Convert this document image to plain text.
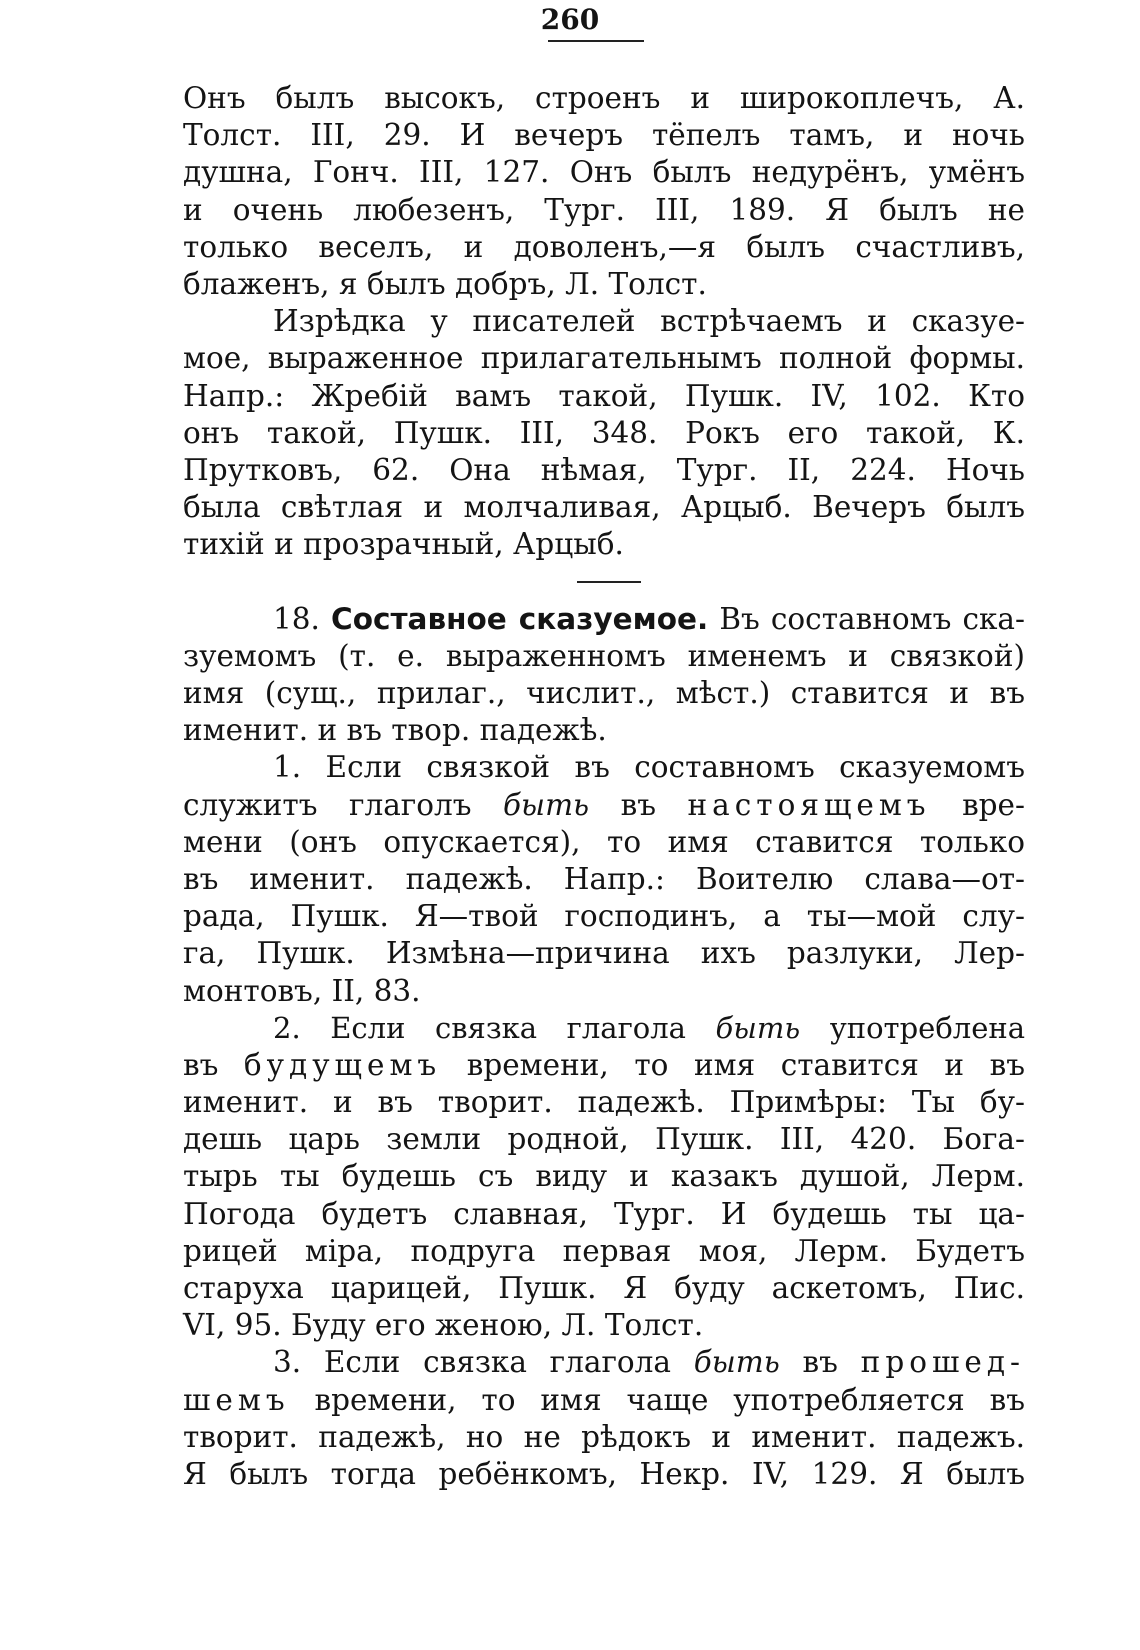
260
Онъ былъ высокъ, строенъ и широкоплечъ, А.
Толст. III, 29. И вечеръ тёпелъ тамъ, и ночь
душна, Гонч. III, 127. Онъ былъ недурёнъ, умёнъ
и очень любезенъ, Тург. III, 189. Я былъ не
только веселъ, и доволенъ,—я былъ счастливъ,
блаженъ, я былъ добръ, Л. Толст.
Изрѣдка у писателей встрѣчаемъ и сказуе-
мое, выраженное прилагательнымъ полной формы.
Напр.: Жребій вамъ такой, Пушк. IV, 102. Кто
онъ такой, Пушк. III, 348. Рокъ его такой, К.
Прутковъ, 62. Она нѣмая, Тург. II, 224. Ночь
была свѣтлая и молчаливая, Арцыб. Вечеръ былъ
тихій и прозрачный, Арцыб.
18. Составное сказуемое. Въ составномъ ска-
зуемомъ (т. е. выраженномъ именемъ и связкой)
имя (сущ., прилаг., числит., мѣст.) ставится и въ
именит. и въ твор. падежѣ.
1. Если связкой въ составномъ сказуемомъ
служитъ глаголъ быть въ настоящемъ вре-
мени (онъ опускается), то имя ставится только
въ именит. падежѣ. Напр.: Воителю слава—от-
рада, Пушк. Я—твой господинъ, а ты—мой слу-
га, Пушк. Измѣна—причина ихъ разлуки, Лер-
монтовъ, II, 83.
2. Если связка глагола быть употреблена
въ будущемъ времени, то имя ставится и въ
именит. и въ творит. падежѣ. Примѣры: Ты бу-
дешь царь земли родной, Пушк. III, 420. Бога-
тырь ты будешь съ виду и казакъ душой, Лерм.
Погода будетъ славная, Тург. И будешь ты ца-
рицей міра, подруга первая моя, Лерм. Будетъ
старуха царицей, Пушк. Я буду аскетомъ, Пис.
VI, 95. Буду его женою, Л. Толст.
3. Если связка глагола быть въ прошед-
шемъ времени, то имя чаще употребляется въ
творит. падежѣ, но не рѣдокъ и именит. падежъ.
Я былъ тогда ребёнкомъ, Некр. IV, 129. Я былъ
